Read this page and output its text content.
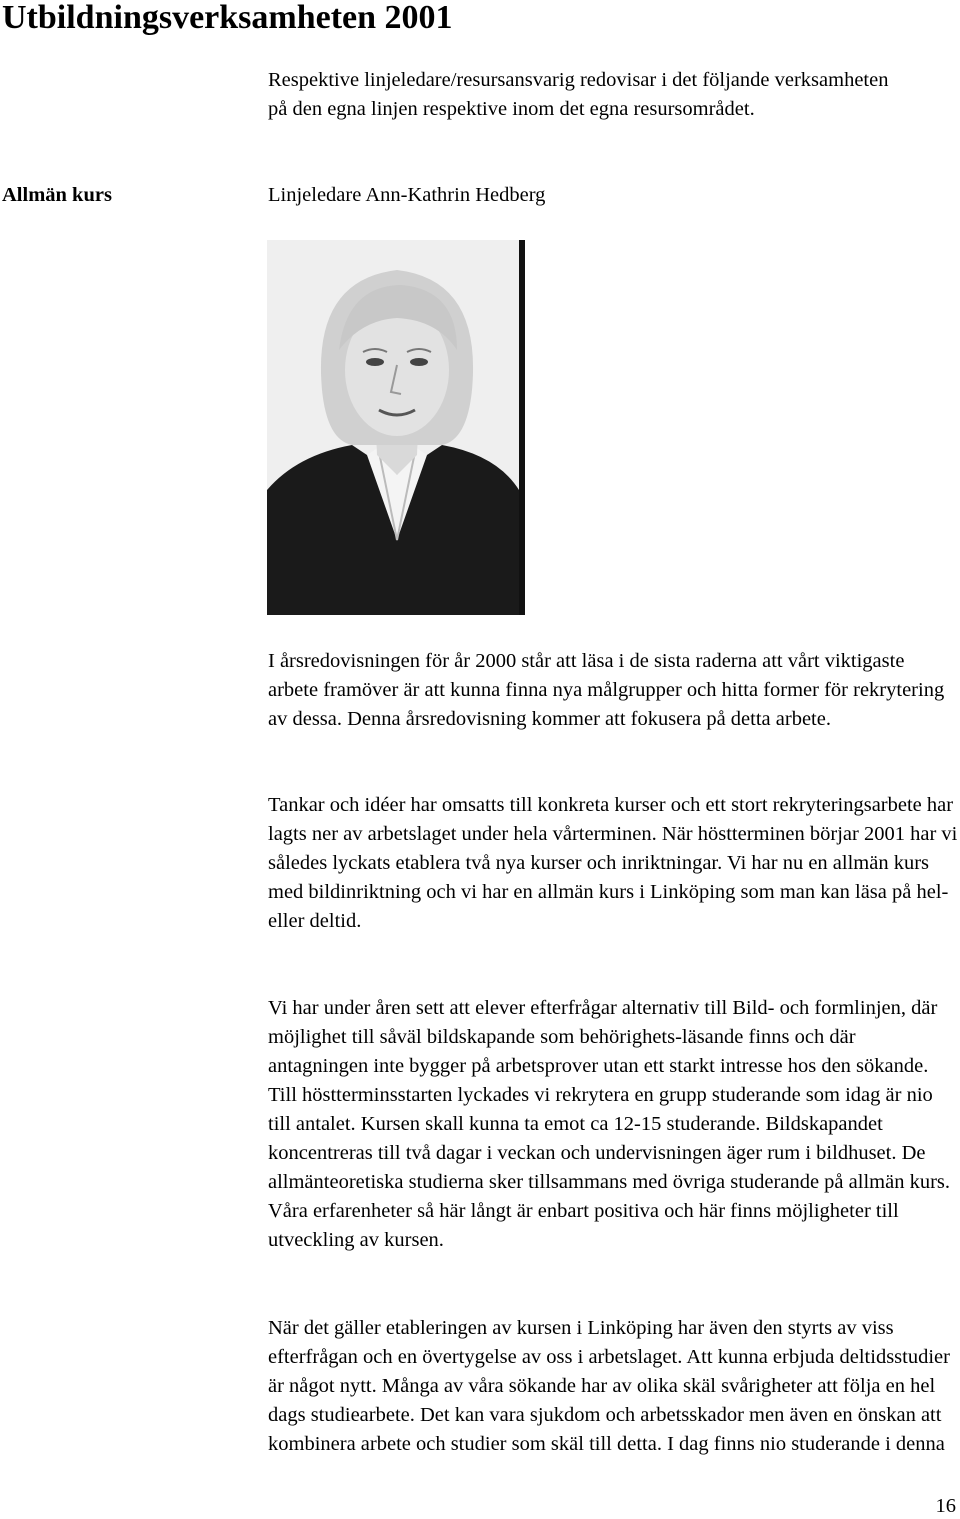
Utbildningsverksamheten 2001

Respektive linjeledare/resursansvarig redovisar i det följande verksamheten på den egna linjen respektive inom det egna resursområdet.

Allmän kurs	Linjeledare Ann-Kathrin Hedberg

I årsredovisningen för år 2000 står att läsa i de sista raderna att vårt viktigaste arbete framöver är att kunna finna nya målgrupper och hitta former för rekrytering av dessa. Denna årsredovisning kommer att fokusera på detta arbete.

Tankar och idéer har omsatts till konkreta kurser och ett stort rekryteringsarbete har lagts ner av arbetslaget under hela vårterminen. När höstterminen börjar 2001 har vi således lyckats etablera två nya kurser och inriktningar. Vi har nu en allmän kurs med bildinriktning och vi har en allmän kurs i Linköping som man kan läsa på hel- eller deltid.

Vi har under åren sett att elever efterfrågar alternativ till Bild- och formlinjen, där möjlighet till såväl bildskapande som behörighets-läsande finns och där antagningen inte bygger på arbetsprover utan ett starkt intresse hos den sökande. Till höstterminsstarten lyckades vi rekrytera en grupp studerande som idag är nio till antalet. Kursen skall kunna ta emot ca 12-15 studerande. Bildskapandet koncentreras till två dagar i veckan och undervisningen äger rum i bildhuset. De allmänteoretiska studierna sker tillsammans med övriga studerande på allmän kurs. Våra erfarenheter så här långt är enbart positiva och här finns möjligheter till utveckling av kursen.

När det gäller etableringen av kursen i Linköping har även den styrts av viss efterfrågan och en övertygelse av oss i arbetslaget. Att kunna erbjuda deltidsstudier är något nytt. Många av våra sökande har av olika skäl svårigheter att följa en hel dags studiearbete. Det kan vara sjukdom och arbetsskador men även en önskan att kombinera arbete och studier som skäl till detta. I dag finns nio studerande i denna

16
